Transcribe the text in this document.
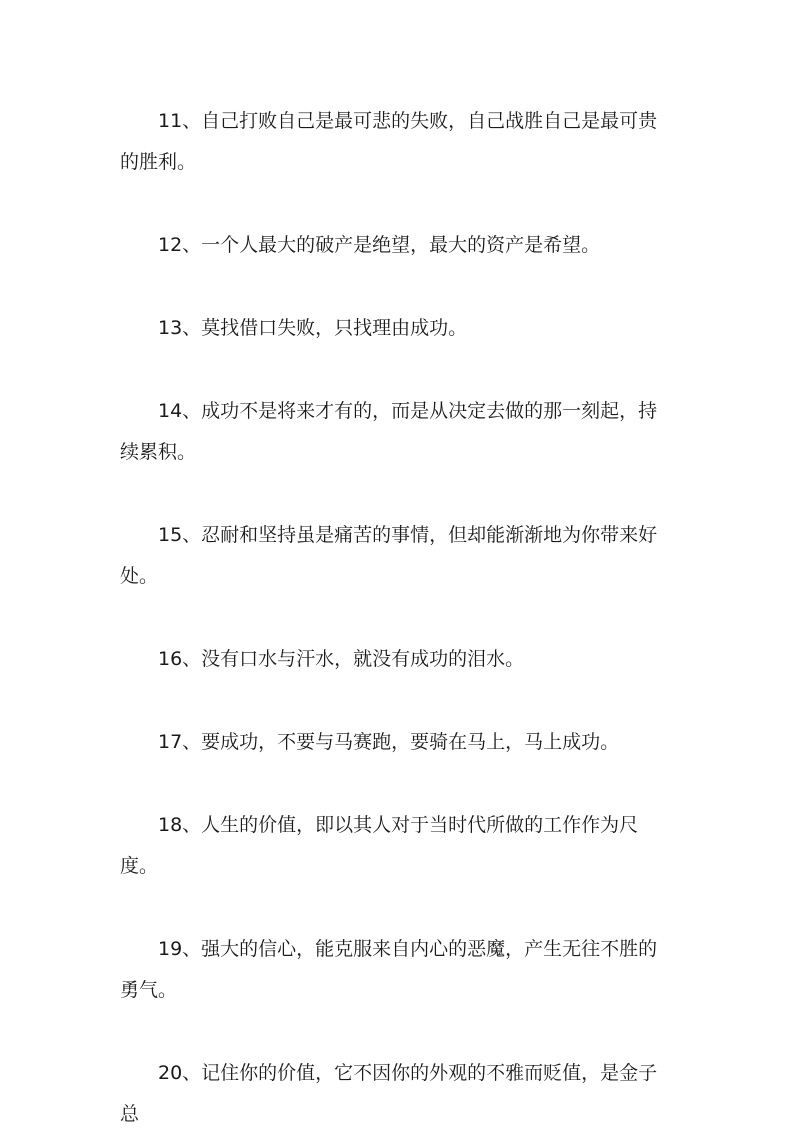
11、自己打败自己是最可悲的失败，自己战胜自己是最可贵的胜利。

12、一个人最大的破产是绝望，最大的资产是希望。

13、莫找借口失败，只找理由成功。

14、成功不是将来才有的，而是从决定去做的那一刻起，持续累积。

15、忍耐和坚持虽是痛苦的事情，但却能渐渐地为你带来好处。

16、没有口水与汗水，就没有成功的泪水。

17、要成功，不要与马赛跑，要骑在马上，马上成功。

18、人生的价值，即以其人对于当时代所做的工作作为尺度。

19、强大的信心，能克服来自内心的恶魔，产生无往不胜的勇气。

20、记住你的价值，它不因你的外观的不雅而贬值，是金子总
